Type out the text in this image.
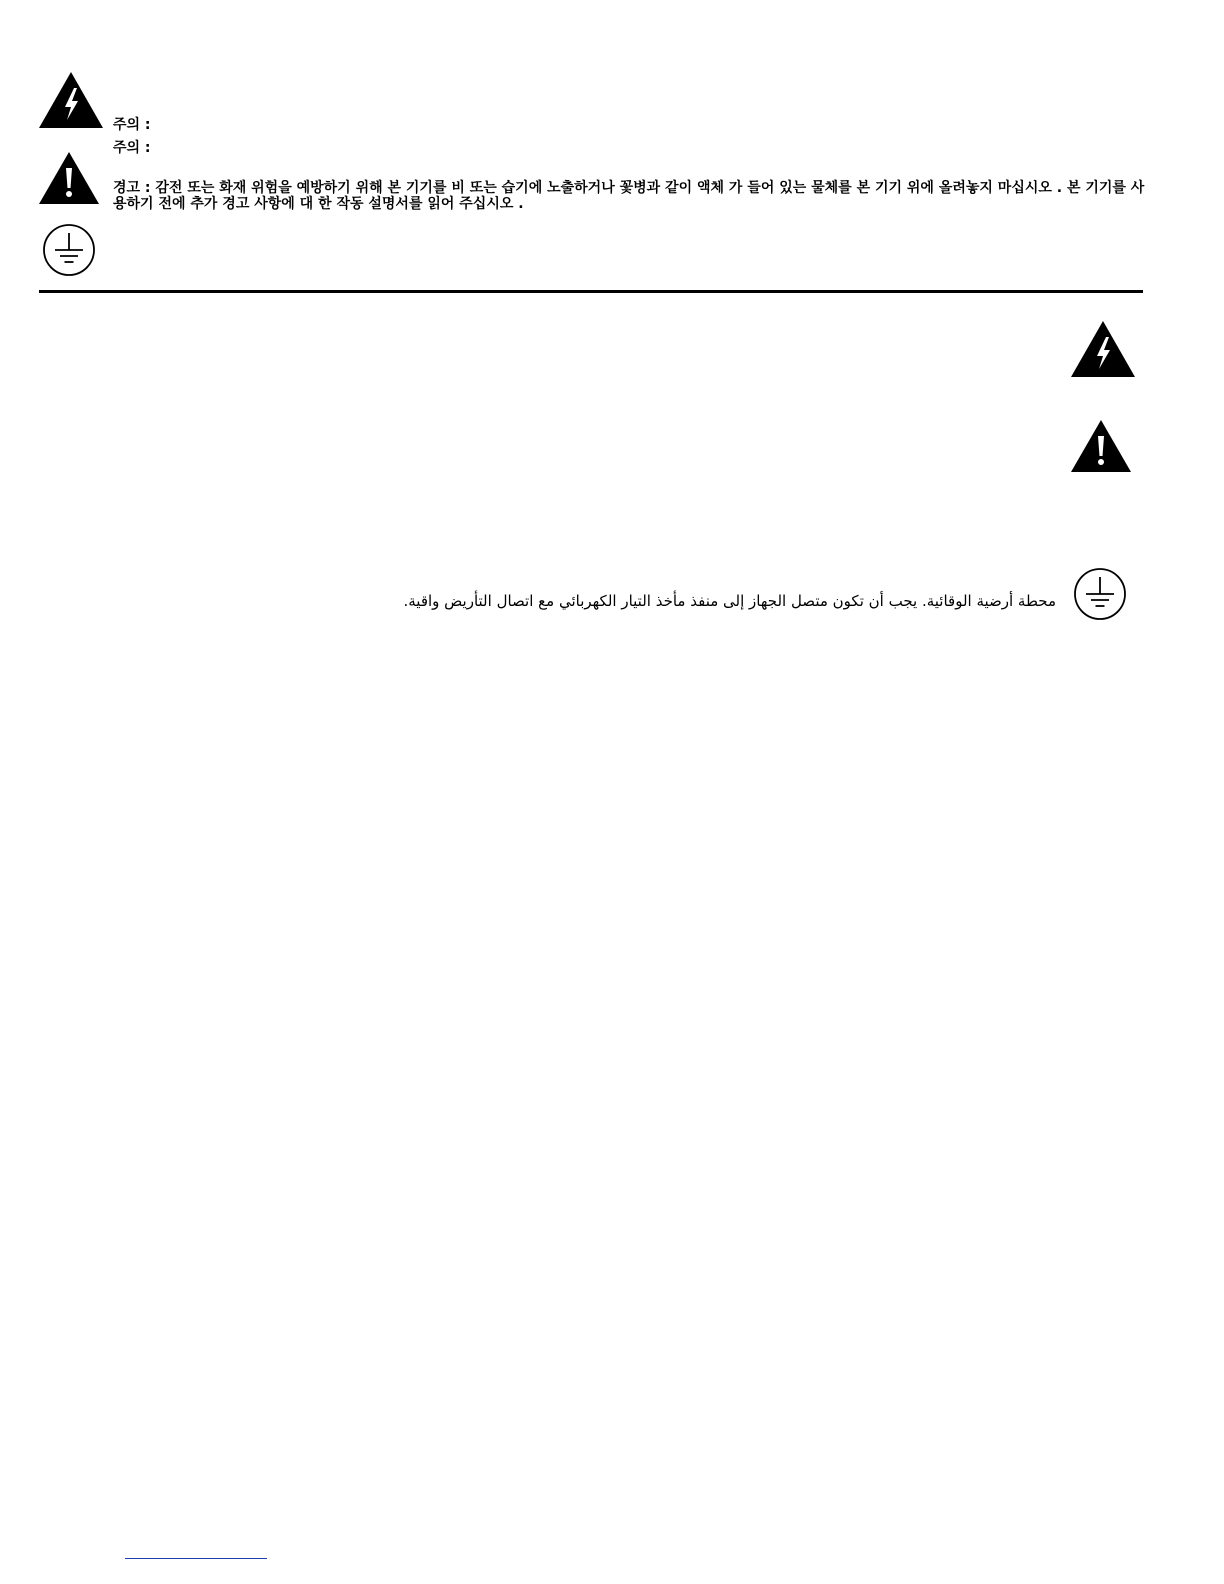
주의 :
주의 :
경고 : 감전 또는 화재 위험을 예방하기 위해 본 기기를 비 또는 습기에 노출하거나 꽃병과 같이 액체 가 들어 있는 물체를 본 기기 위에 올려놓지 마십시오 . 본 기기를 사용하기 전에 추가 경고 사항에 대 한 작동 설명서를 읽어 주십시오 .
محطة أرضية الوقائية. يجب أن تكون متصل الجهاز إلى منفذ مأخذ التيار الكهربائي مع اتصال التأريض واقية.
